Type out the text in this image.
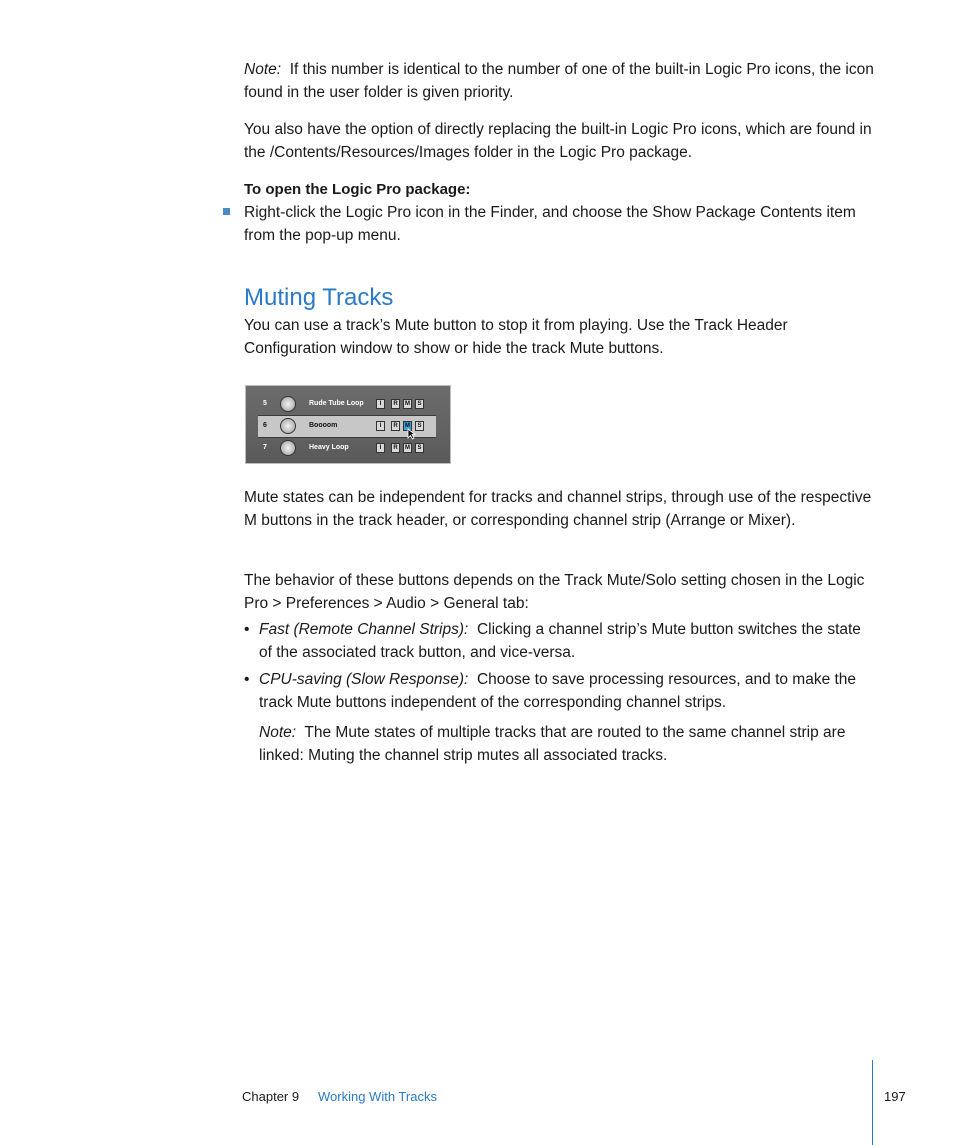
Note: If this number is identical to the number of one of the built-in Logic Pro icons, the icon found in the user folder is given priority.

You also have the option of directly replacing the built-in Logic Pro icons, which are found in the /Contents/Resources/Images folder in the Logic Pro package.

To open the Logic Pro package:

Right-click the Logic Pro icon in the Finder, and choose the Show Package Contents item from the pop-up menu.

Muting Tracks

You can use a track’s Mute button to stop it from playing. Use the Track Header Configuration window to show or hide the track Mute buttons.

5	Rude Tube Loop	I	R	M	S
6	Boooom	I	R	M	S
7	Heavy Loop	I	R	M	S

Mute states can be independent for tracks and channel strips, through use of the respective M buttons in the track header, or corresponding channel strip (Arrange or Mixer).

The behavior of these buttons depends on the Track Mute/Solo setting chosen in the Logic Pro > Preferences > Audio > General tab:

• Fast (Remote Channel Strips): Clicking a channel strip’s Mute button switches the state of the associated track button, and vice-versa.

• CPU-saving (Slow Response): Choose to save processing resources, and to make the track Mute buttons independent of the corresponding channel strips.

Note: The Mute states of multiple tracks that are routed to the same channel strip are linked: Muting the channel strip mutes all associated tracks.

Chapter 9 Working With Tracks	197
